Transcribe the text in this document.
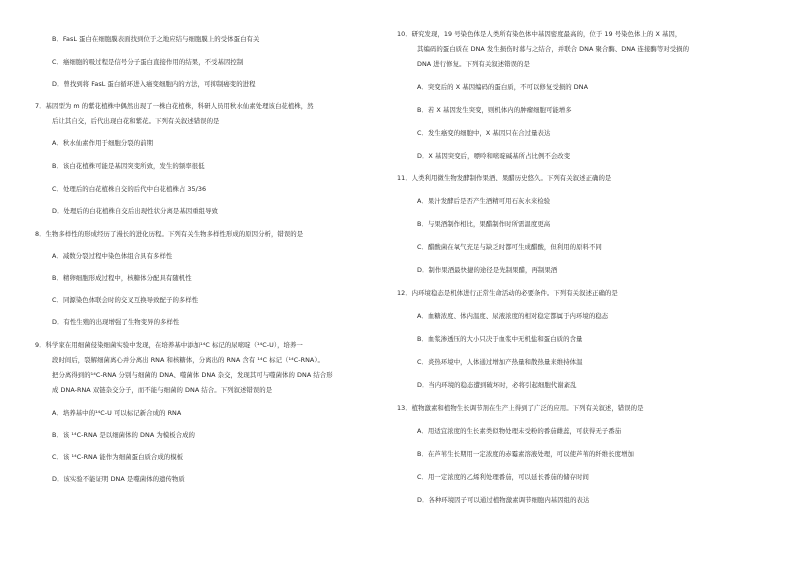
B．FasL 蛋白在细胞膜表面找到位于之地应结与细胞膜上的受体蛋白有关
C．癌细胞的吸过程是信号分子蛋白直接作用的结果，不受基因控制
D．曾找到将 FasL 蛋白循环进入癌变细胞内的方法，可抑制癌变的进程
7．基因型为 m 的紫花植株中偶然出现了一株白花植株，科研人员用秋水仙素处理该白花植株，然
后让其自交，后代出现白花和紫花。下列有关叙述错误的是
A．秋水仙素作用于细胞分裂的前期
B．该白花植株可能是基因突变所致，发生的频率很低
C．处理后的白花植株自交的后代中白花植株占 35/36
D．处理后的白花植株自交后出现性状分离是基因重组导致
8．生物多样性的形成经历了漫长的进化历程。下列有关生物多样性形成的原因分析，错误的是
A．减数分裂过程中染色体组合具有多样性
B．精卵细胞形成过程中，核糖体分配具有随机性
C．同源染色体联会时的交叉互换导致配子的多样性
D．有性生殖的出现增强了生物变异的多样性
9．科学家在用细菌侵染细菌实验中发现，在培养基中添加¹⁴C 标记的尿嘧啶（¹⁴C-U），培养一
段时间后，裂解细菌离心并分离出 RNA 和核糖体，分离出的 RNA 含有 ¹⁴C 标记（¹⁴C-RNA）。
把分离得到的¹⁴C-RNA 分别与细菌的 DNA、噬菌体 DNA 杂交，发现其可与噬菌体的 DNA 结合形
成 DNA-RNA 双链杂交分子，而不能与细菌的 DNA 结合。下列叙述错误的是
A．培养基中的¹⁴C-U 可以标记新合成的 RNA
B．该 ¹⁴C-RNA 是以细菌体的 DNA 为模板合成的
C．该 ¹⁴C-RNA 能作为细菌蛋白质合成的模板
D．该实验不能证明 DNA 是噬菌体的遗传物质
10．研究发现，19 号染色体是人类所有染色体中基因密度最高的，位于 19 号染色体上的 X 基因，
其编码的蛋白质在 DNA 发生损伤时募与之结合，并联合 DNA 聚合酶、DNA 连接酶等对受损的
DNA 进行修复。下列有关叙述错误的是
A．突变后的 X 基因编码的蛋白质，不可以修复受损的 DNA
B．若 X 基因发生突变，则机体内的肿瘤细胞可能增多
C．发生癌变的细胞中，X 基因只在合过量表达
D．X 基因突变后，嘌呤和嘧啶碱基所占比例不会改变
11．人类利用微生物发酵制作果酒、果醋历史悠久。下列有关叙述正确的是
A．果汁发酵后是否产生酒精可用石灰水来检验
B．与果酒制作相比，果醋制作时所需温度更高
C．醋酸菌在氧气充足与缺乏时都可生成醋酸，但利用的原料不同
D．制作果酒最快捷的途径是先制果醋，再制果酒
12．内环境稳态是机体进行正常生命活动的必要条件。下列有关叙述正确的是
A．血糖浓度、体内温度、尿液浓度的相对稳定都属于内环境的稳态
B．血浆渗透压的大小只决于血浆中无机盐和蛋白质的含量
C．炎热环境中，人体通过增加产热量和散热量来维持体温
D．当内环境的稳态遭到破坏时，必将引起细胞代谢紊乱
13．植物激素和植物生长调节剂在生产上得到了广泛的应用。下列有关叙述，错误的是
A．用适宜浓度的生长素类似物处理未受粉的番茄雌蕊，可获得无子番茄
B．在芦苇生长期用一定浓度的赤霉素溶液处理，可以使芦苇的纤维长度增加
C．用一定浓度的乙烯利处理番茄，可以延长番茄的储存时间
D．各种环境因子可以通过植物激素调节细胞内基因组的表达
